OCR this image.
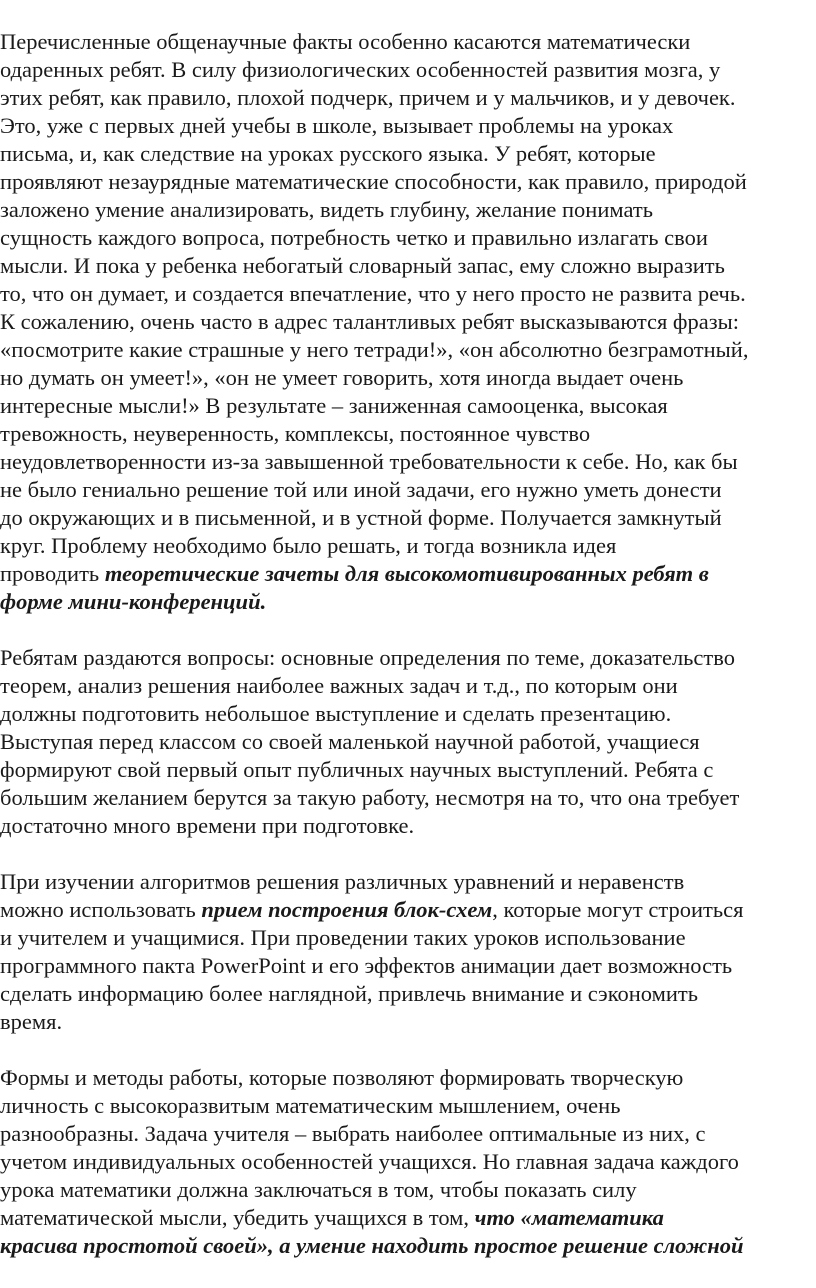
Перечисленные общенаучные факты особенно касаются математически
одаренных ребят. В силу физиологических особенностей развития мозга, у
этих ребят, как правило, плохой подчерк, причем и у мальчиков, и у девочек.
Это, уже с первых дней учебы в школе, вызывает проблемы на уроках
письма, и, как следствие на уроках русского языка. У ребят, которые
проявляют незаурядные математические способности, как правило, природой
заложено умение анализировать, видеть глубину, желание понимать
сущность каждого вопроса, потребность четко и правильно излагать свои
мысли. И пока у ребенка небогатый словарный запас, ему сложно выразить
то, что он думает, и создается впечатление, что у него просто не развита речь.
К сожалению, очень часто в адрес талантливых ребят высказываются фразы:
«посмотрите какие страшные у него тетради!», «он абсолютно безграмотный,
но думать он умеет!», «он не умеет говорить, хотя иногда выдает очень
интересные мысли!» В результате – заниженная самооценка, высокая
тревожность, неуверенность, комплексы, постоянное чувство
неудовлетворенности из-за завышенной требовательности к себе. Но, как бы
не было гениально решение той или иной задачи, его нужно уметь донести
до окружающих и в письменной, и в устной форме. Получается замкнутый
круг. Проблему необходимо было решать, и тогда возникла идея
проводить теоретические зачеты для высокомотивированных ребят в
форме мини-конференций.
Ребятам раздаются вопросы: основные определения по теме, доказательство
теорем, анализ решения наиболее важных задач и т.д., по которым они
должны подготовить небольшое выступление и сделать презентацию.
Выступая перед классом со своей маленькой научной работой, учащиеся
формируют свой первый опыт публичных научных выступлений. Ребята с
большим желанием берутся за такую работу, несмотря на то, что она требует
достаточно много времени при подготовке.
При изучении алгоритмов решения различных уравнений и неравенств
можно использовать прием построения блок-схем, которые могут строиться
и учителем и учащимися. При проведении таких уроков использование
программного пакта PowerPoint и его эффектов анимации дает возможность
сделать информацию более наглядной, привлечь внимание и сэкономить
время.
Формы и методы работы, которые позволяют формировать творческую
личность с высокоразвитым математическим мышлением, очень
разнообразны. Задача учителя – выбрать наиболее оптимальные из них, с
учетом индивидуальных особенностей учащихся. Но главная задача каждого
урока математики должна заключаться в том, чтобы показать силу
математической мысли, убедить учащихся в том, что «математика
красива простотой своей», а умение находить простое решение сложной
